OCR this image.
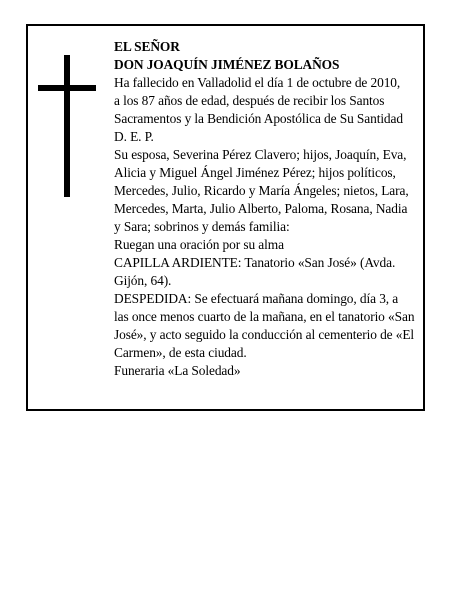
EL SEÑOR

DON JOAQUÍN JIMÉNEZ BOLAÑOS

Ha fallecido en Valladolid el día 1 de octubre de 2010,
a los 87 años de edad, después de recibir los Santos
Sacramentos y la Bendición Apostólica de Su Santidad
D. E. P.

Su esposa, Severina Pérez Clavero; hijos, Joaquín, Eva,
Alicia y Miguel Ángel Jiménez Pérez; hijos políticos,
Mercedes, Julio, Ricardo y María Ángeles; nietos, Lara,
Mercedes, Marta, Julio Alberto, Paloma, Rosana, Nadia
y Sara; sobrinos y demás familia:

Ruegan una oración por su alma

CAPILLA ARDIENTE: Tanatorio «San José» (Avda.
Gijón, 64).

DESPEDIDA: Se efectuará mañana domingo, día 3, a
las once menos cuarto de la mañana, en el tanatorio «San
José», y acto seguido la conducción al cementerio de «El
Carmen», de esta ciudad.

Funeraria «La Soledad»
